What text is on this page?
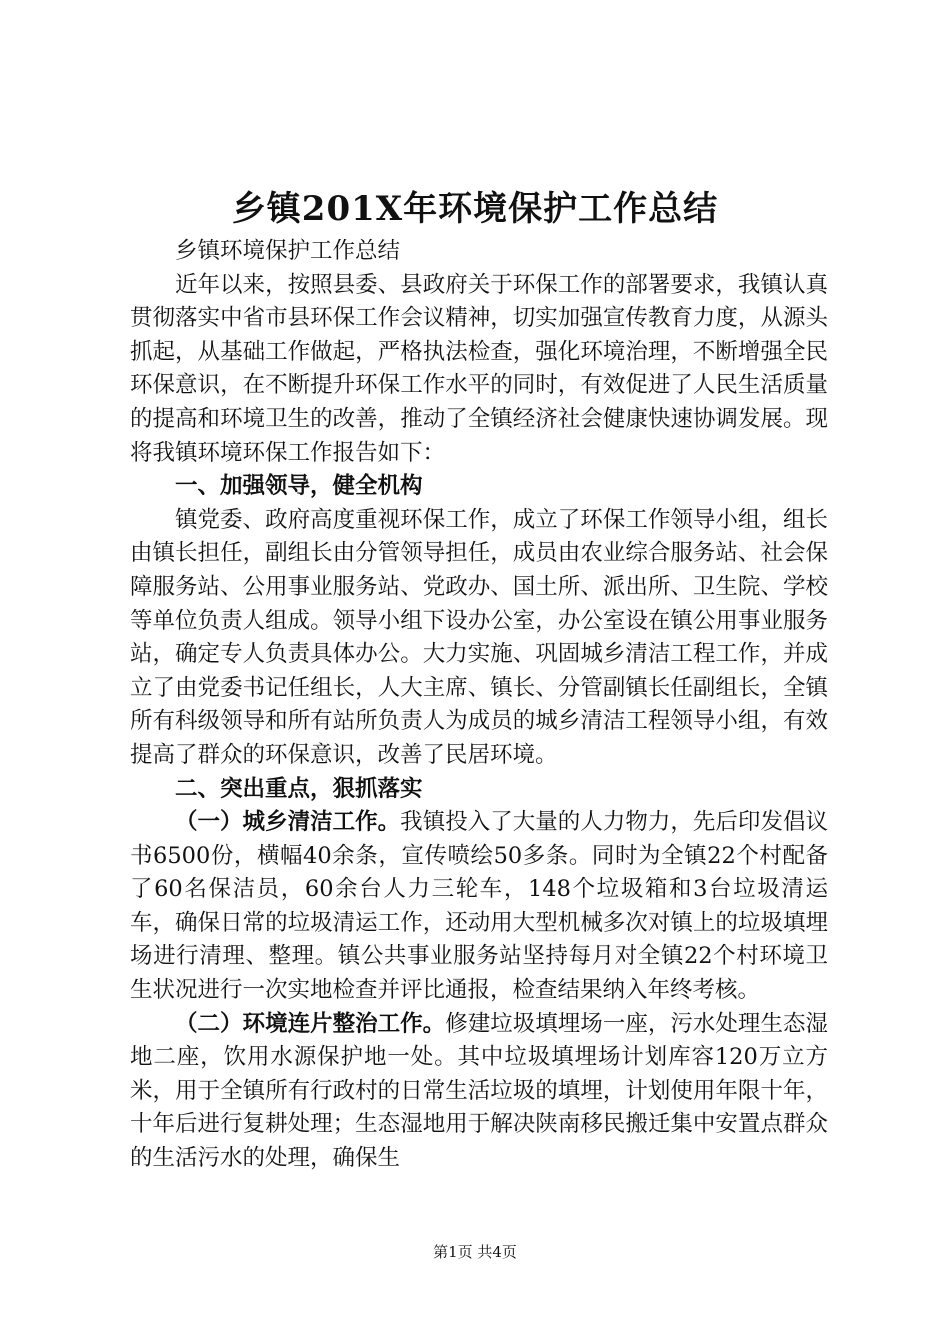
乡镇201X年环境保护工作总结

乡镇环境保护工作总结

近年以来，按照县委、县政府关于环保工作的部署要求，我镇认真贯彻落实中省市县环保工作会议精神，切实加强宣传教育力度，从源头抓起，从基础工作做起，严格执法检查，强化环境治理，不断增强全民环保意识，在不断提升环保工作水平的同时，有效促进了人民生活质量的提高和环境卫生的改善，推动了全镇经济社会健康快速协调发展。现将我镇环境环保工作报告如下：

一、加强领导，健全机构

镇党委、政府高度重视环保工作，成立了环保工作领导小组，组长由镇长担任，副组长由分管领导担任，成员由农业综合服务站、社会保障服务站、公用事业服务站、党政办、国土所、派出所、卫生院、学校等单位负责人组成。领导小组下设办公室，办公室设在镇公用事业服务站，确定专人负责具体办公。大力实施、巩固城乡清洁工程工作，并成立了由党委书记任组长，人大主席、镇长、分管副镇长任副组长，全镇所有科级领导和所有站所负责人为成员的城乡清洁工程领导小组，有效提高了群众的环保意识，改善了民居环境。

二、突出重点，狠抓落实

（一）城乡清洁工作。我镇投入了大量的人力物力，先后印发倡议书6500份，横幅40余条，宣传喷绘50多条。同时为全镇22个村配备了60名保洁员，60余台人力三轮车，148个垃圾箱和3台垃圾清运车，确保日常的垃圾清运工作，还动用大型机械多次对镇上的垃圾填埋场进行清理、整理。镇公共事业服务站坚持每月对全镇22个村环境卫生状况进行一次实地检查并评比通报，检查结果纳入年终考核。

（二）环境连片整治工作。修建垃圾填埋场一座，污水处理生态湿地二座，饮用水源保护地一处。其中垃圾填埋场计划库容120万立方米，用于全镇所有行政村的日常生活垃圾的填埋，计划使用年限十年，十年后进行复耕处理；生态湿地用于解决陕南移民搬迁集中安置点群众的生活污水的处理，确保生

第1页 共4页
